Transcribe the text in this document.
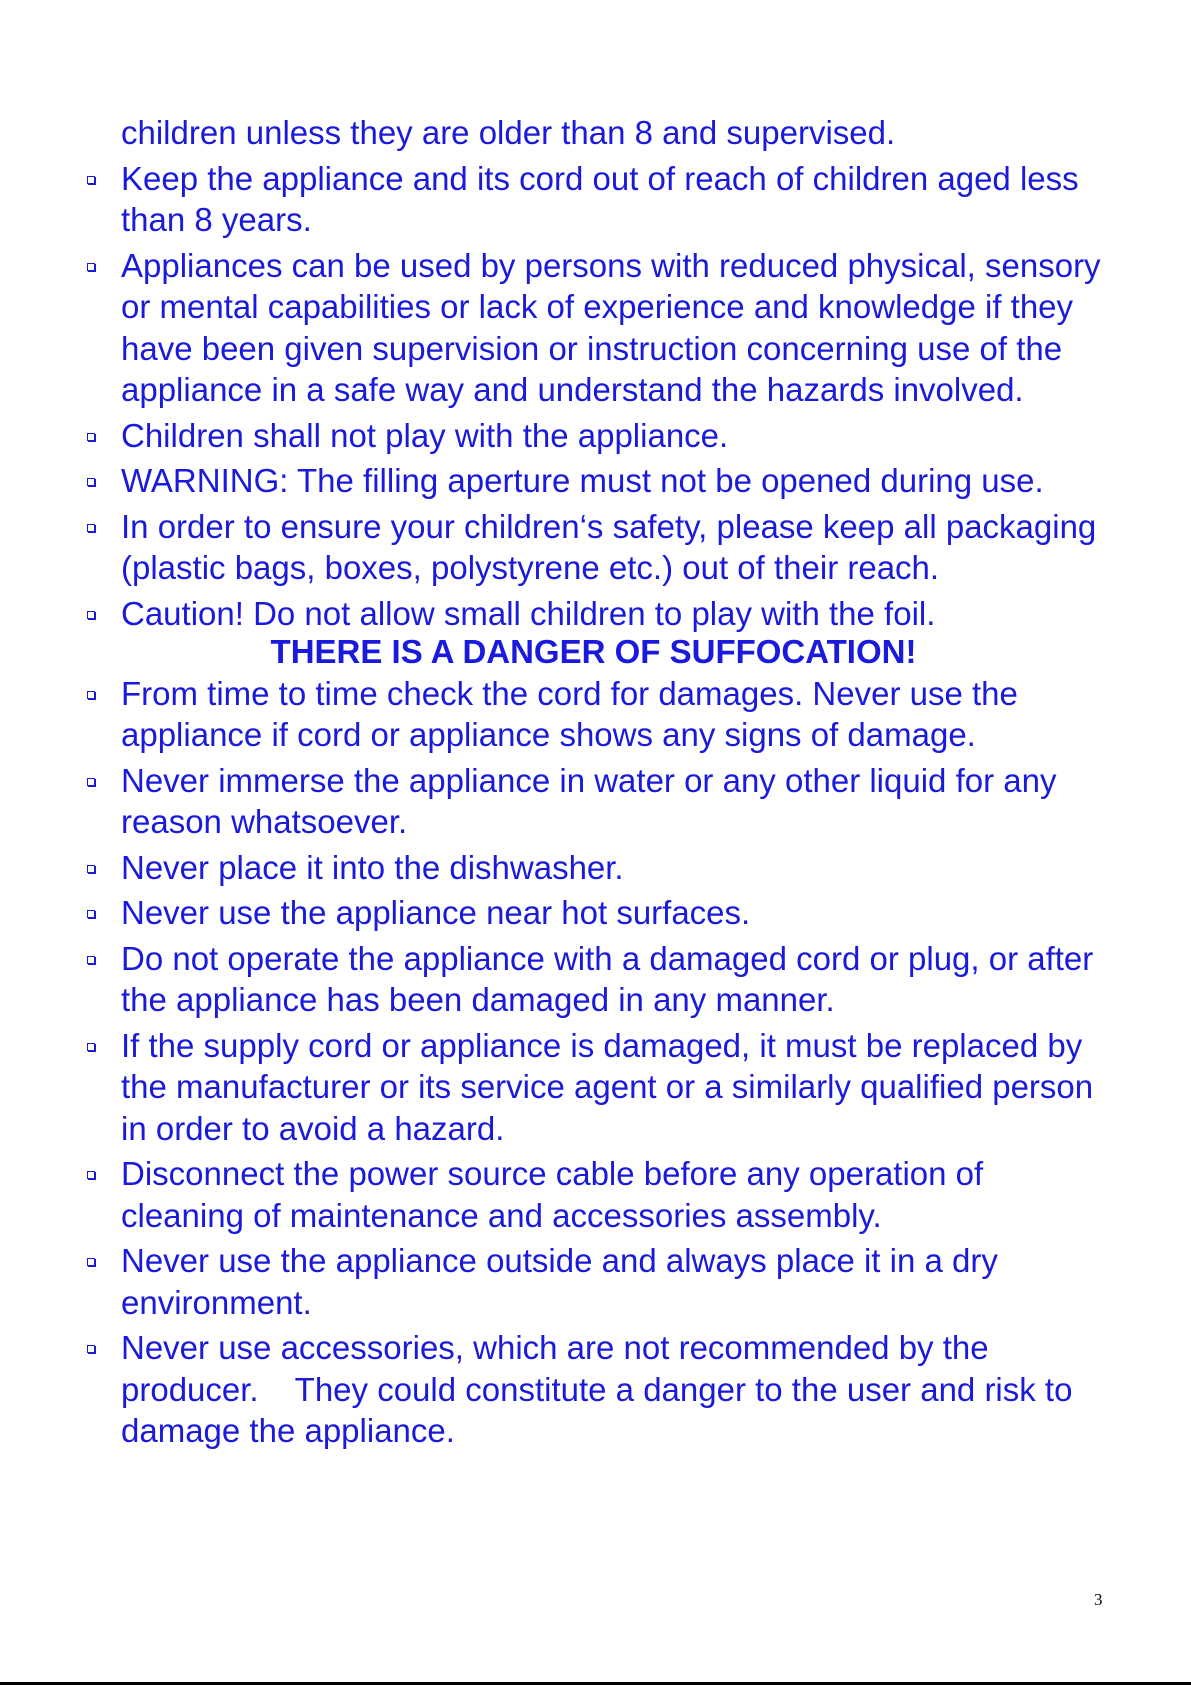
children unless they are older than 8 and supervised.
Keep the appliance and its cord out of reach of children aged less than 8 years.
Appliances can be used by persons with reduced physical, sensory or mental capabilities or lack of experience and knowledge if they have been given supervision or instruction concerning use of the appliance in a safe way and understand the hazards involved.
Children shall not play with the appliance.
WARNING: The filling aperture must not be opened during use.
In order to ensure your children‘s safety, please keep all packaging (plastic bags, boxes, polystyrene etc.) out of their reach.
Caution! Do not allow small children to play with the foil.
THERE IS A DANGER OF SUFFOCATION!
From time to time check the cord for damages. Never use the appliance if cord or appliance shows any signs of damage.
Never immerse the appliance in water or any other liquid for any reason whatsoever.
Never place it into the dishwasher.
Never use the appliance near hot surfaces.
Do not operate the appliance with a damaged cord or plug, or after the appliance has been damaged in any manner.
If the supply cord or appliance is damaged, it must be replaced by the manufacturer or its service agent or a similarly qualified person in order to avoid a hazard.
Disconnect the power source cable before any operation of cleaning of maintenance and accessories assembly.
Never use the appliance outside and always place it in a dry environment.
Never use accessories, which are not recommended by the producer.    They could constitute a danger to the user and risk to damage the appliance.
3
